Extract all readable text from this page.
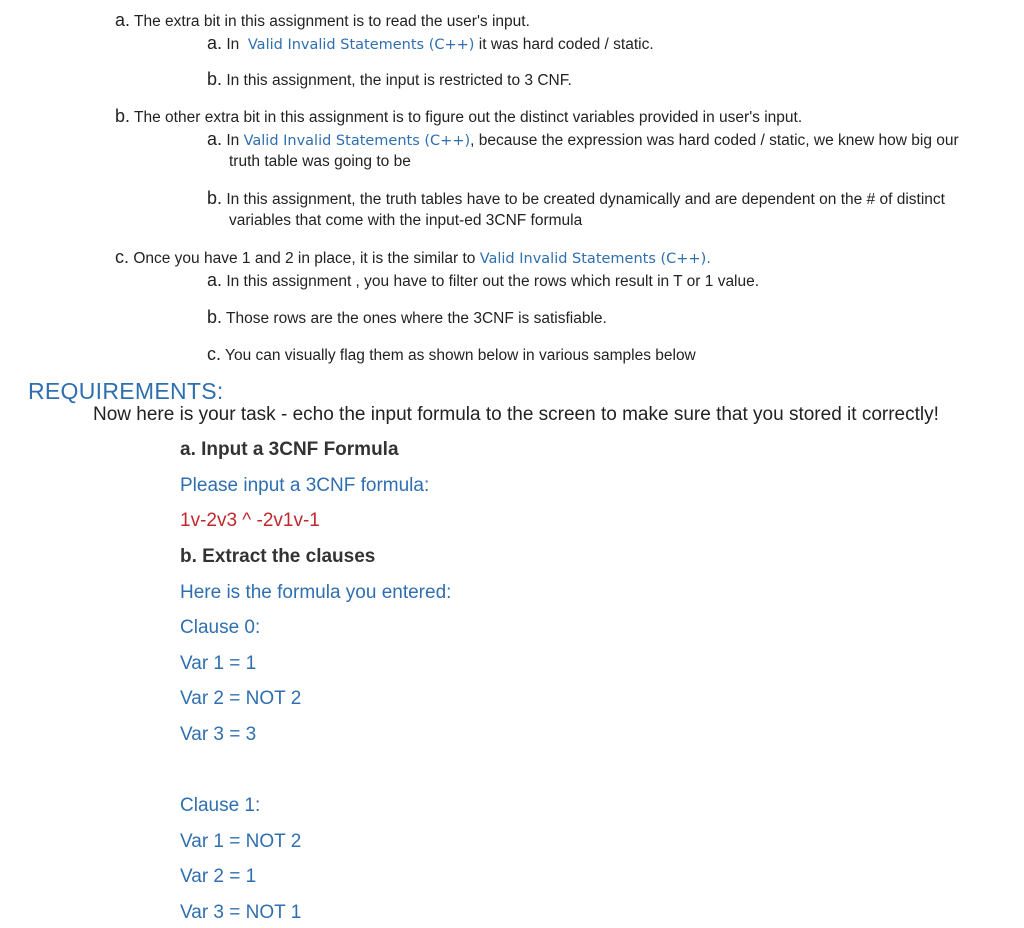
a. The extra bit in this assignment is to read the user's input.
a. In Valid Invalid Statements (C++) it was hard coded / static.
b. In this assignment, the input is restricted to 3 CNF.
b. The other extra bit in this assignment is to figure out the distinct variables provided in user's input.
a. In Valid Invalid Statements (C++), because the expression was hard coded / static, we knew how big our
truth table was going to be
b. In this assignment, the truth tables have to be created dynamically and are dependent on the # of distinct
variables that come with the input-ed 3CNF formula
c. Once you have 1 and 2 in place, it is the similar to Valid Invalid Statements (C++).
a. In this assignment , you have to filter out the rows which result in T or 1 value.
b. Those rows are the ones where the 3CNF is satisfiable.
c. You can visually flag them as shown below in various samples below
REQUIREMENTS:
Now here is your task - echo the input formula to the screen to make sure that you stored it correctly!
a. Input a 3CNF Formula
Please input a 3CNF formula:
1v-2v3 ^ -2v1v-1
b. Extract the clauses
Here is the formula you entered:
Clause 0:
Var 1 = 1
Var 2 = NOT 2
Var 3 = 3
Clause 1:
Var 1 = NOT 2
Var 2 = 1
Var 3 = NOT 1
